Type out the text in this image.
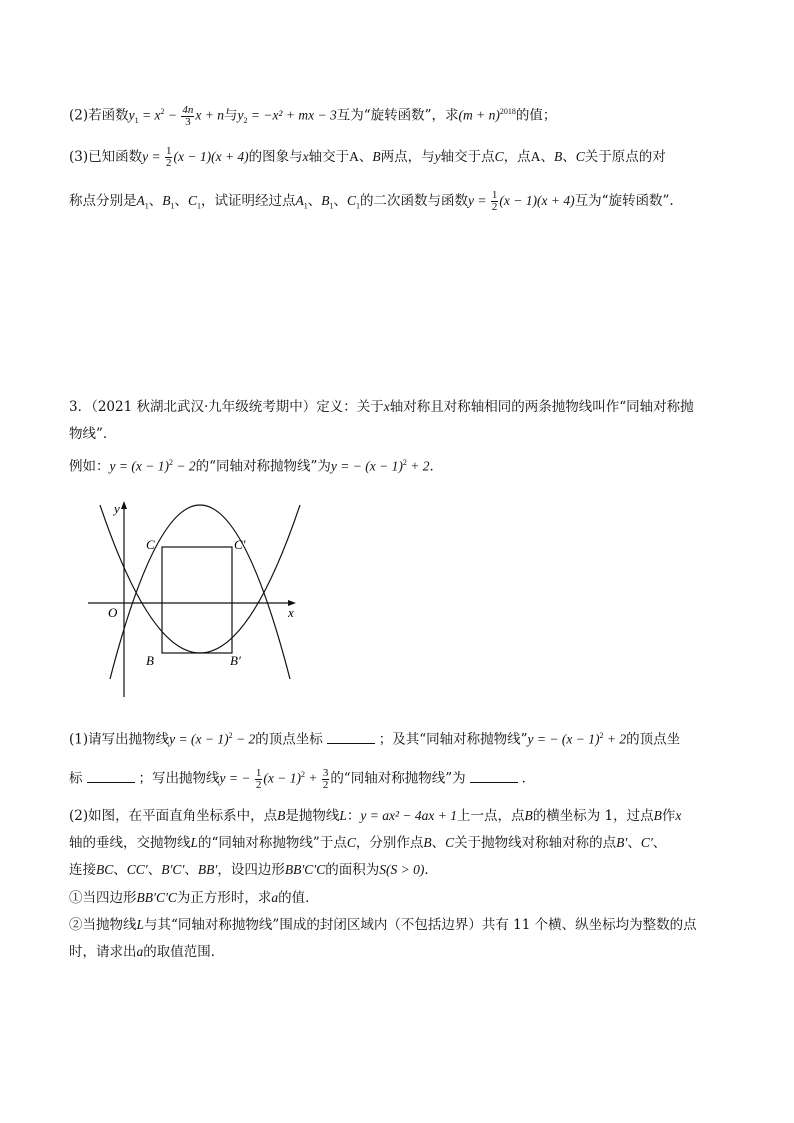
(2)若函数$y_1 = x^2 - \frac{4n}{3}$ x + n与$y_2 = -x^2$ + mx − 3互为“旋转函数”，求$(m + n)^{2018}$的值；
(3)已知函数$y = \frac{1}{2} (x - 1)(x + 4)$的图象与x轴交于A、B两点，与y轴交于点C，点A、B、C关于原点的对
称点分别是$A_1$、$B_1$、$C_1$，试证明经过点$A_1$、$B_1$、$C_1$的二次函数与函数$y = \frac{1}{2} (x - 1)(x + 4)$互为“旋转函数”.
3．（2021 秋湖北武汉·九年级统考期中）定义：关于x轴对称且对称轴相同的两条抛物线叫作“同轴对称抛
物线”．
例如：$y = (x - 1)^2 - 2$的“同轴对称抛物线”为y = − $(x - 1)^2 + 2$．
y
x
O
C	C′
B	B′
(1)请写出抛物线$y = (x - 1)^2 - 2$的顶点坐标	；及其“同轴对称抛物线”y = − $(x - 1)^2 + 2$的顶点坐
标	；写出抛物线y = − $\frac{1}{2} (x - 1)^2 + \frac{3}{2}$ 的“同轴对称抛物线”为	．
(2)如图，在平面直角坐标系中，点B是抛物线L：y = ax² − 4ax + 1上一点，点B的横坐标为 1，过点B作x
轴的垂线，交抛物线L的“同轴对称抛物线”于点C，分别作点B、C关于抛物线对称轴对称的点B′、C′、
连接BC、CC′、B′C′、BB′，设四边形BB′C′C的面积为S(S > 0)．
①当四边形BB′C′C为正方形时，求a的值．
②当抛物线L与其“同轴对称抛物线”围成的封闭区域内（不包括边界）共有 11 个横、纵坐标均为整数的点
时，请求出a的取值范围．
